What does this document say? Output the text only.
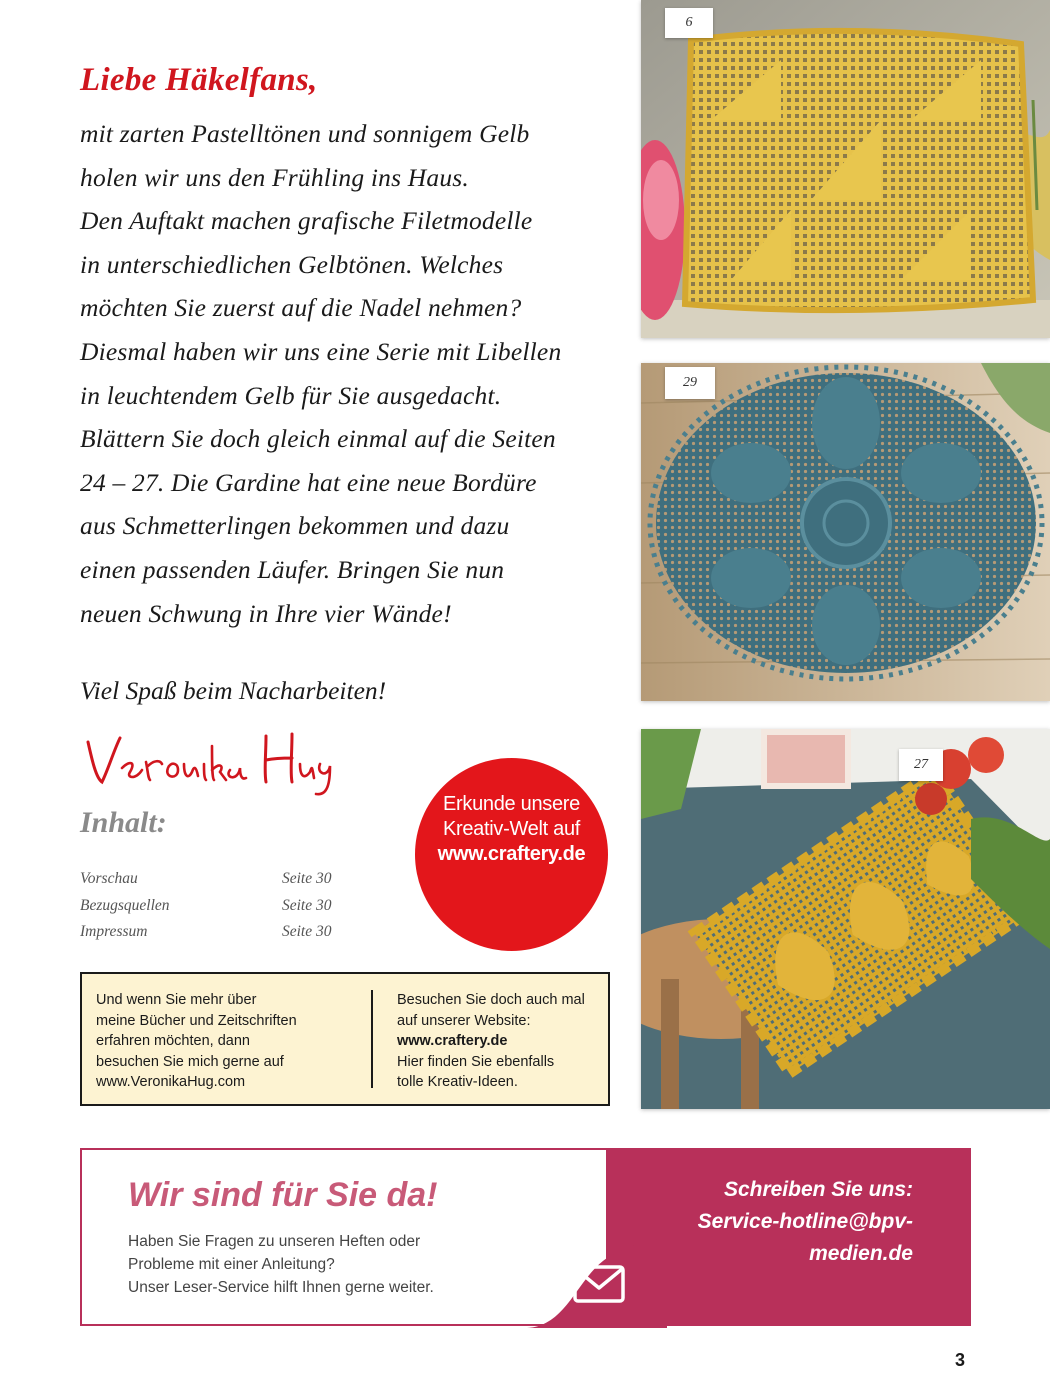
Liebe Häkelfans,
mit zarten Pastelltönen und sonnigem Gelb
holen wir uns den Frühling ins Haus.
Den Auftakt machen grafische Filetmodelle
in unterschiedlichen Gelbtönen. Welches
möchten Sie zuerst auf die Nadel nehmen?
Diesmal haben wir uns eine Serie mit Libellen
in leuchtendem Gelb für Sie ausgedacht.
Blättern Sie doch gleich einmal auf die Seiten
24 – 27. Die Gardine hat eine neue Bordüre
aus Schmetterlingen bekommen und dazu
einen passenden Läufer. Bringen Sie nun
neuen Schwung in Ihre vier Wände!
Viel Spaß beim Nacharbeiten!
Inhalt:
Vorschau	Seite 30
Bezugsquellen	Seite 30
Impressum	Seite 30
Erkunde unsere
Kreativ-Welt auf
www.craftery.de
Und wenn Sie mehr über
meine Bücher und Zeitschriften
erfahren möchten, dann
besuchen Sie mich gerne auf
www.VeronikaHug.com
Besuchen Sie doch auch mal
auf unserer Website:
www.craftery.de
Hier finden Sie ebenfalls
tolle Kreativ-Ideen.
6
29
27
Wir sind für Sie da!
Haben Sie Fragen zu unseren Heften oder
Probleme mit einer Anleitung?
Unser Leser-Service hilft Ihnen gerne weiter.
Schreiben Sie uns:
Service-hotline@bpv-
medien.de
3
